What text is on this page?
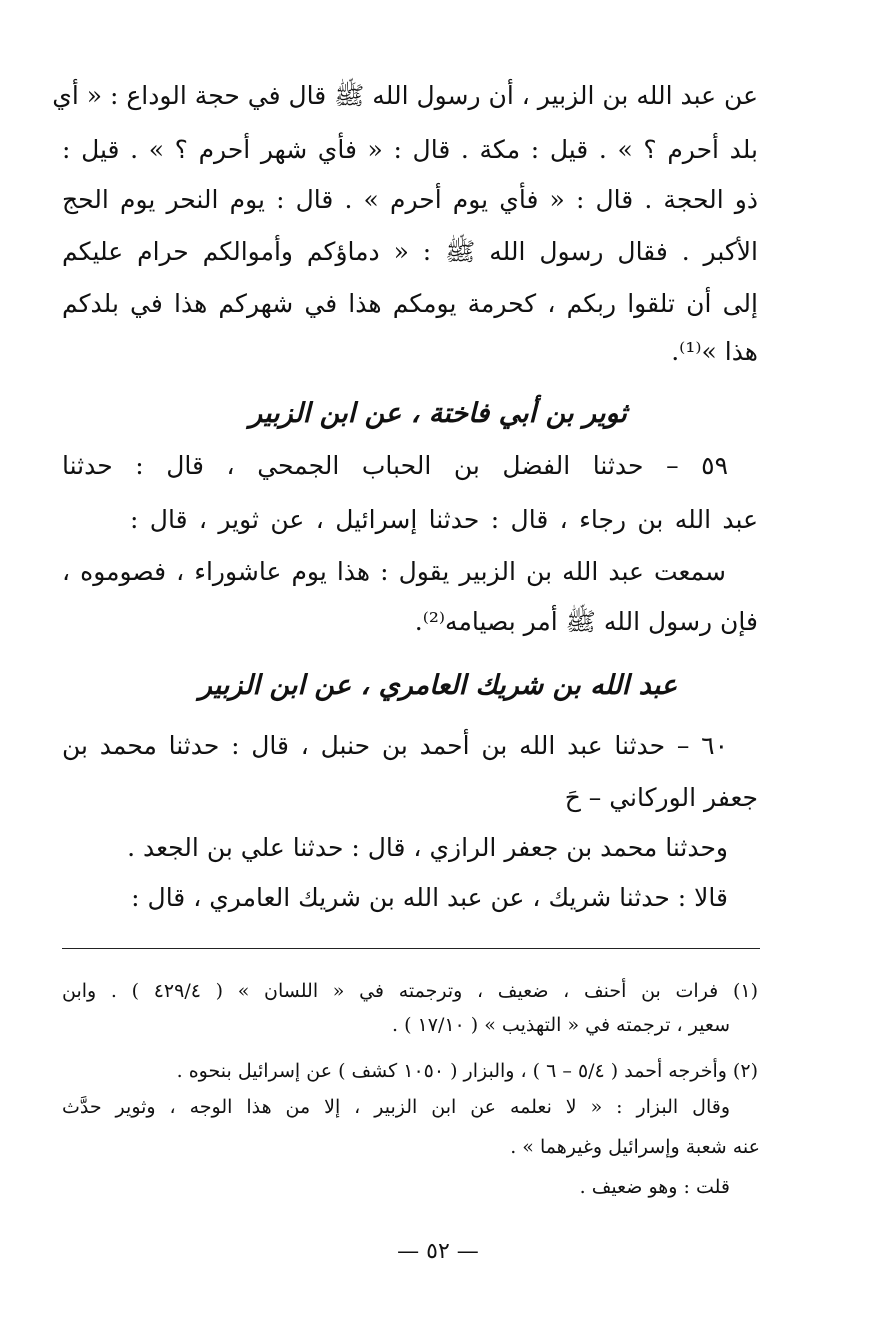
عن عبد الله بن الزبير ، أن رسول الله ﷺ قال في حجة الوداع : « أي
بلد أحرم ؟ » . قيل : مكة . قال : « فأي شهر أحرم ؟ » . قيل :
ذو الحجة . قال : « فأي يوم أحرم » . قال : يوم النحر يوم الحج
الأكبر . فقال رسول الله ﷺ : « دماؤكم وأموالكم حرام عليكم
إلى أن تلقوا ربكم ، كحرمة يومكم هذا في شهركم هذا في بلدكم
هذا »⁽¹⁾.
ثوير بن أبي فاختة ، عن ابن الزبير
٥٩ – حدثنا الفضل بن الحباب الجمحي ، قال : حدثنا
عبد الله بن رجاء ، قال : حدثنا إسرائيل ، عن ثوير ، قال :
سمعت عبد الله بن الزبير يقول : هذا يوم عاشوراء ، فصوموه ،
فإن رسول الله ﷺ أمر بصيامه⁽²⁾.
عبد الله بن شريك العامري ، عن ابن الزبير
٦٠ – حدثنا عبد الله بن أحمد بن حنبل ، قال : حدثنا محمد بن
جعفر الوركاني – حَ
وحدثنا محمد بن جعفر الرازي ، قال : حدثنا علي بن الجعد .
قالا : حدثنا شريك ، عن عبد الله بن شريك العامري ، قال :
(١) فرات بن أحنف ، ضعيف ، وترجمته في « اللسان » ( ٤٢٩/٤ ) . وابن
سعير ، ترجمته في « التهذيب » ( ١٧/١٠ ) .
(٢) وأخرجه أحمد ( ٥/٤ – ٦ ) ، والبزار ( ١٠٥٠ كشف ) عن إسرائيل بنحوه .
وقال البزار : « لا نعلمه عن ابن الزبير ، إلا من هذا الوجه ، وثوير حدَّث
عنه شعبة وإسرائيل وغيرهما » .
قلت : وهو ضعيف .
— ٥٢ —
